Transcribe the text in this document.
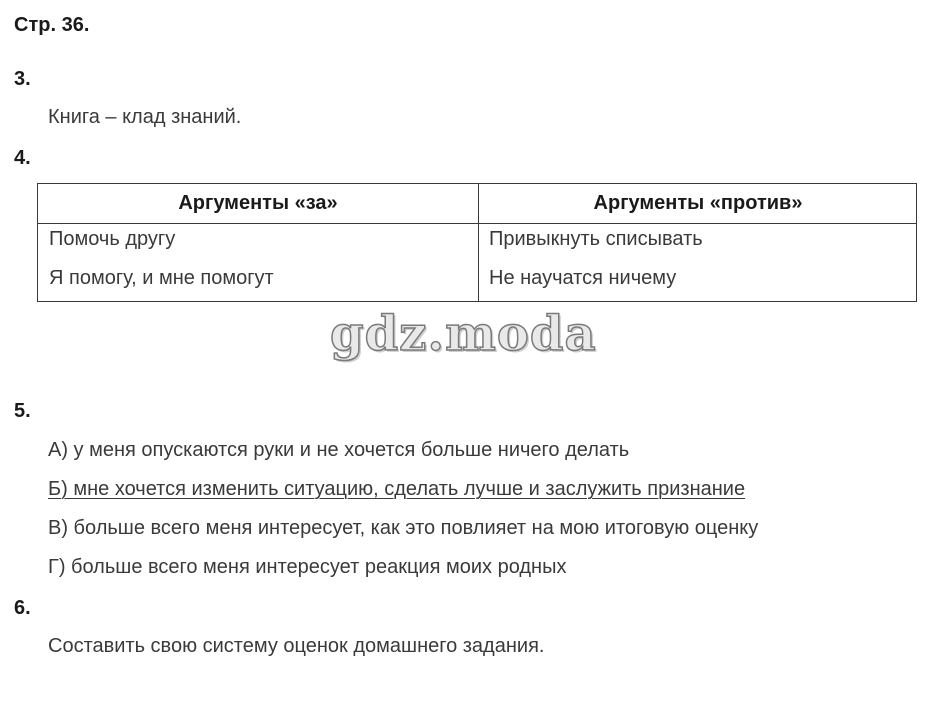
Стр. 36.
3.
Книга – клад знаний.
4.
Аргументы «за»	Аргументы «против»
Помочь другу	Привыкнуть списывать
Я помогу, и мне помогут	Не научатся ничему
gdz.moda
5.
А) у меня опускаются руки и не хочется больше ничего делать
Б) мне хочется изменить ситуацию, сделать лучше и заслужить признание
В) больше всего меня интересует, как это повлияет на мою итоговую оценку
Г) больше всего меня интересует реакция моих родных
6.
Составить свою систему оценок домашнего задания.
